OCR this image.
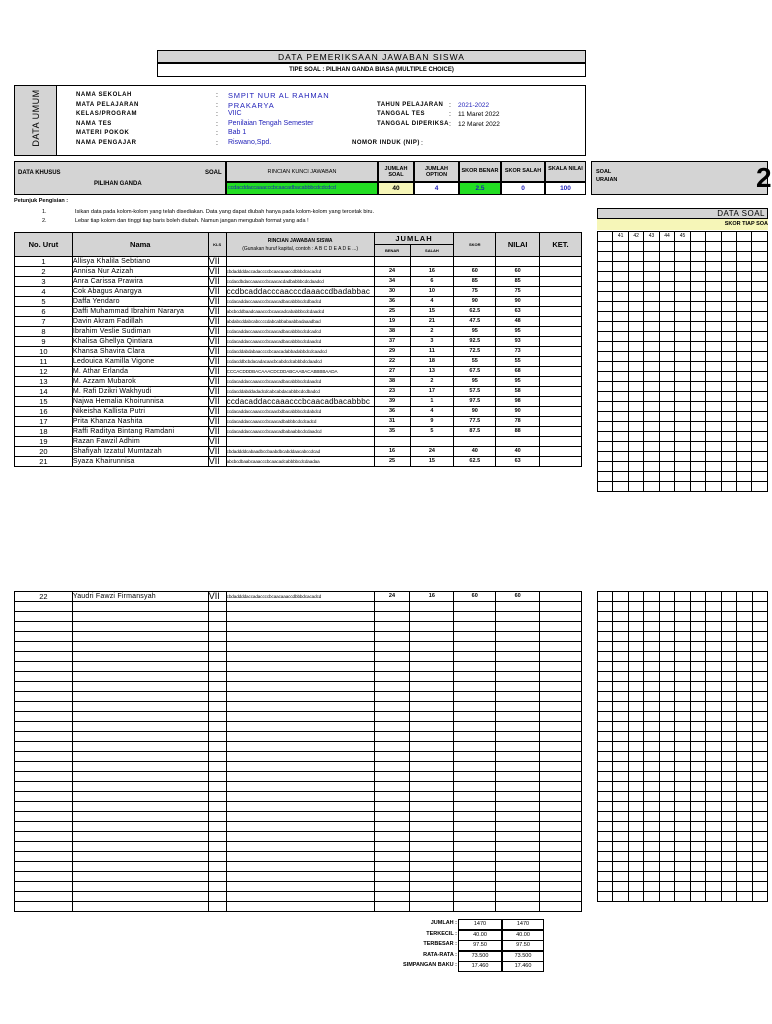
DATA PEMERIKSAAN JAWABAN SISWA
TIPE SOAL : PILIHAN GANDA BIASA (MULTIPLE CHOICE)
DATA UMUM	NAMA SEKOLAH	: SMPIT NUR AL RAHMAN
MATA PELAJARAN	: PRAKARYA
KELAS/PROGRAM	: VIIC
NAMA TES	: Penilaian Tengah Semester
MATERI POKOK	: Bab 1
NAMA PENGAJAR	: Riswano,Spd.
TAHUN PELAJARAN : 2021-2022
TANGGAL TES	: 11 Maret 2022
TANGGAL DIPERIKSA : 12 Maret 2022
NOMOR INDUK (NIP) :
DATA KHUSUS	SOAL
PILIHAN GANDA
RINCIAN KUNCI JAWABAN
ccdacddaccaaacccbcaacadbacabbbcdcdcdcd
JUMLAH SOAL
40
JUMLAH OPTION
4
SKOR BENAR
2.5
SKOR SALAH
0
SKALA NILAI
100
SOAL URAIAN	2
Petunjuk Pengisian :
1.	Isikan data pada kolom-kolom yang telah disediakan. Data yang dapat diubah hanya pada kolom-kolom yang tercetak biru.
2.	Lebar tiap kolom dan tinggi tiap baris boleh diubah. Namun jangan mengubah format yang ada !
DATA SOAL
SKOR TIAP SOA
	41	42	43	44	45					

No. Urut	Nama	KLS	RINCIAN JAWABAN SISWA
(Gunakan huruf kapital, contoh : A B C D E A D E ...)	JUMLAH		SKOR	NILAI	KET.
				BENAR	SALAH			
1	Allisya Khalila Sebtiano	VII						
2	Annisa Nur Azizah	VII	cbdaddddaccadaccccbcaacaaaccdbbbdcacadcd	24	16	60	60	
3	Anra Carissa Prawira	VII	ccdacdbdaccaaacccbcaacacdadbabbbcdcdaadcd	34	6	85	85	
4	Cok Abagus Anargya	VII	ccdbcaddacccaacccdaaaccdbadabbac	30	10	75	75	
5	Daffa Yendaro	VII	ccdacaddaccaaacccbcaacadbacabbbcdcdbadcd	36	4	90	90	
6	Daffi Muhammad Ibrahim Nararya	VII	abcbcddbaadcaaacccbcaacadcababbbcdcdaadcd	25	15	62.5	63	
7	Davin Akram Fadillah	VII	abdabcddabcabccccdabcabbabaabbadaaadbad	19	21	47.5	48	
8	Ibrahim Veslie Sudiman	VII	ccdacaddaccaaacccbcaacadbacabbbcdcdcadcd	38	2	95	95	
9	Khalisa Ghellya Qintiara	VII	ccdacaddaccaaacccbcaacadbacabbbcdcdaadcd	37	3	92.5	93	
10	Khansa Shavira Clara	VII	ccdacddabdabaaccccbcaacadabbadabbdcdcaadcd	29	11	72.5	73	
11	Ledouica Kamilla Vigone	VII	ccdacddbcbdacadacaacbcabdcdcabbbdcdaadcd	22	18	55	55	
12	M. Athar Erlanda	VII	CCCACDDDBACAAACDCDDABCAABACABBBBAADA	27	13	67.5	68	
13	M. Azzam Mubarok	VII	ccdacaddaccaaacccbcaacadbacabbbcdcdaadcd	38	2	95	95	
14	M. Rafi Dzikri Wakhyudi	VII	ccdacddabddadadcdcabcabdacabbbcdcdbadcd	23	17	57.5	58	
15	Najwa Hemalia Khoirunnisa	VII	ccdacaddaccaaacccbcaacadbacabbbc	39	1	97.5	98	
16	Nikeisha Kallista Putri	VII	ccdacaddaccaaacccbcaacbdbacabbbcdcdabdcd	36	4	90	90	
17	Prita Khanza Nashita	VII	ccdacaddaccaaacccbcaacadbabbbcdcdcadcd	31	9	77.5	78	
18	Raffi Raditya Bintang Ramdani	VII	ccdacaddaccaaacccbcaacadbabaabbcdcdaadcd	35	5	87.5	88	
19	Razan Fawzil Adhim	VII						
20	Shafiyah Izzatul Mumtazah	VII	cbdaddddcabaadbccbaabdbcabddaacabccdcad	16	24	40	40	
21	Syaza Khairunnisa	VII	abcbcdbaabcaaacccbcaacadcabbbbcdcdaadaa	25	15	62.5	63	
22	Yaudri Fawzi Firmansyah	VII	cbdaddddaccadaccccbcaacaaaccdbbbdcacadcd	24	16	60	60	

JUMLAH :	1470	1470
TERKECIL :	40.00	40.00
TERBESAR :	97.50	97.50
RATA-RATA :	73.500	73.500
SIMPANGAN BAKU :	17.460	17.460
